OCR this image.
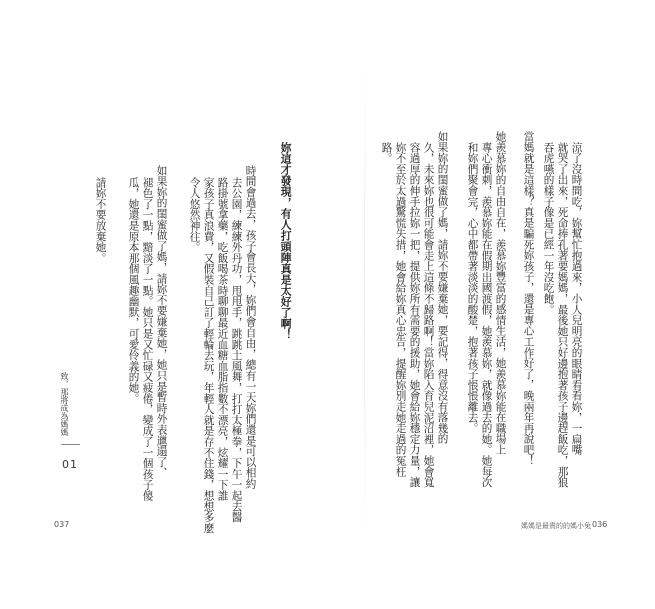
致，那將成為媽媽
01
請妳不要放棄她。 瓜，她還是原本那個風趣幽默，可愛伶義的她。 褪色了一點，黯淡了一點。她只是又忙碌又疲倦，變成了一個孩子傻 如果妳的閨蜜做了媽，請妳不要嫌棄她，她只是暫時外表邋遢了、 令人悠然神往。 家孩子真浪費，又假裝自己訂了輕輪去玩，年輕人就是存不住錢，想想多麼 路掛號拿藥，吃飯喝茶時聊聊最近血糖血脂指數不漂亮，炫耀一下誰 去公園，練練外丹功，甩甩手，跳跳土風舞，打打太極拳，下午一起去醫 時間會過去，孩子會長大，妳們會自由，總有一天妳們還是可以相約 妳這才發現，有人打頭陣真是太好了啊！
037
路。 妳不至於太過驚慌失措，她會給妳真心忠告，提醒妳別走她走過的冤枉 容過厚的伸手拉妳一把，提供妳所有需要的援助，她會給妳穩定力量，讓 久，未來妳也很可能會走上這條不歸路啊！當妳陷入育兒泥沼裡，她會寬 如果妳的閨蜜做了媽，請妳不要嫌棄她，要記得，得意沒有落幾的 和妳們聚會完，心中都帶著淡淡的酸楚，抱著孩子悵悵離去。 專心衝刺，羨慕妳能在假期出國渡假，她羨慕妳，就像過去的她。她每次 她羨慕妳的自由自在，羨慕妳豐富的感情生活，她羨慕妳能在職場上 當媽就是這樣？真是騙死妳孩子，還是專心工作好了，晚兩年再說吧！ 吞虎嚥的樣子像是已經一年沒吃飽。 就哭了出來，死命捧孔著要媽媽，最後她只好邊抱著孩子邊趕飯吃，那狼 涼了沒時間吃，妳幫忙抱過來，小人兒明亮的眼睛看看妳，一扁嘴
媽媽是最貴的的媽小兔 036
